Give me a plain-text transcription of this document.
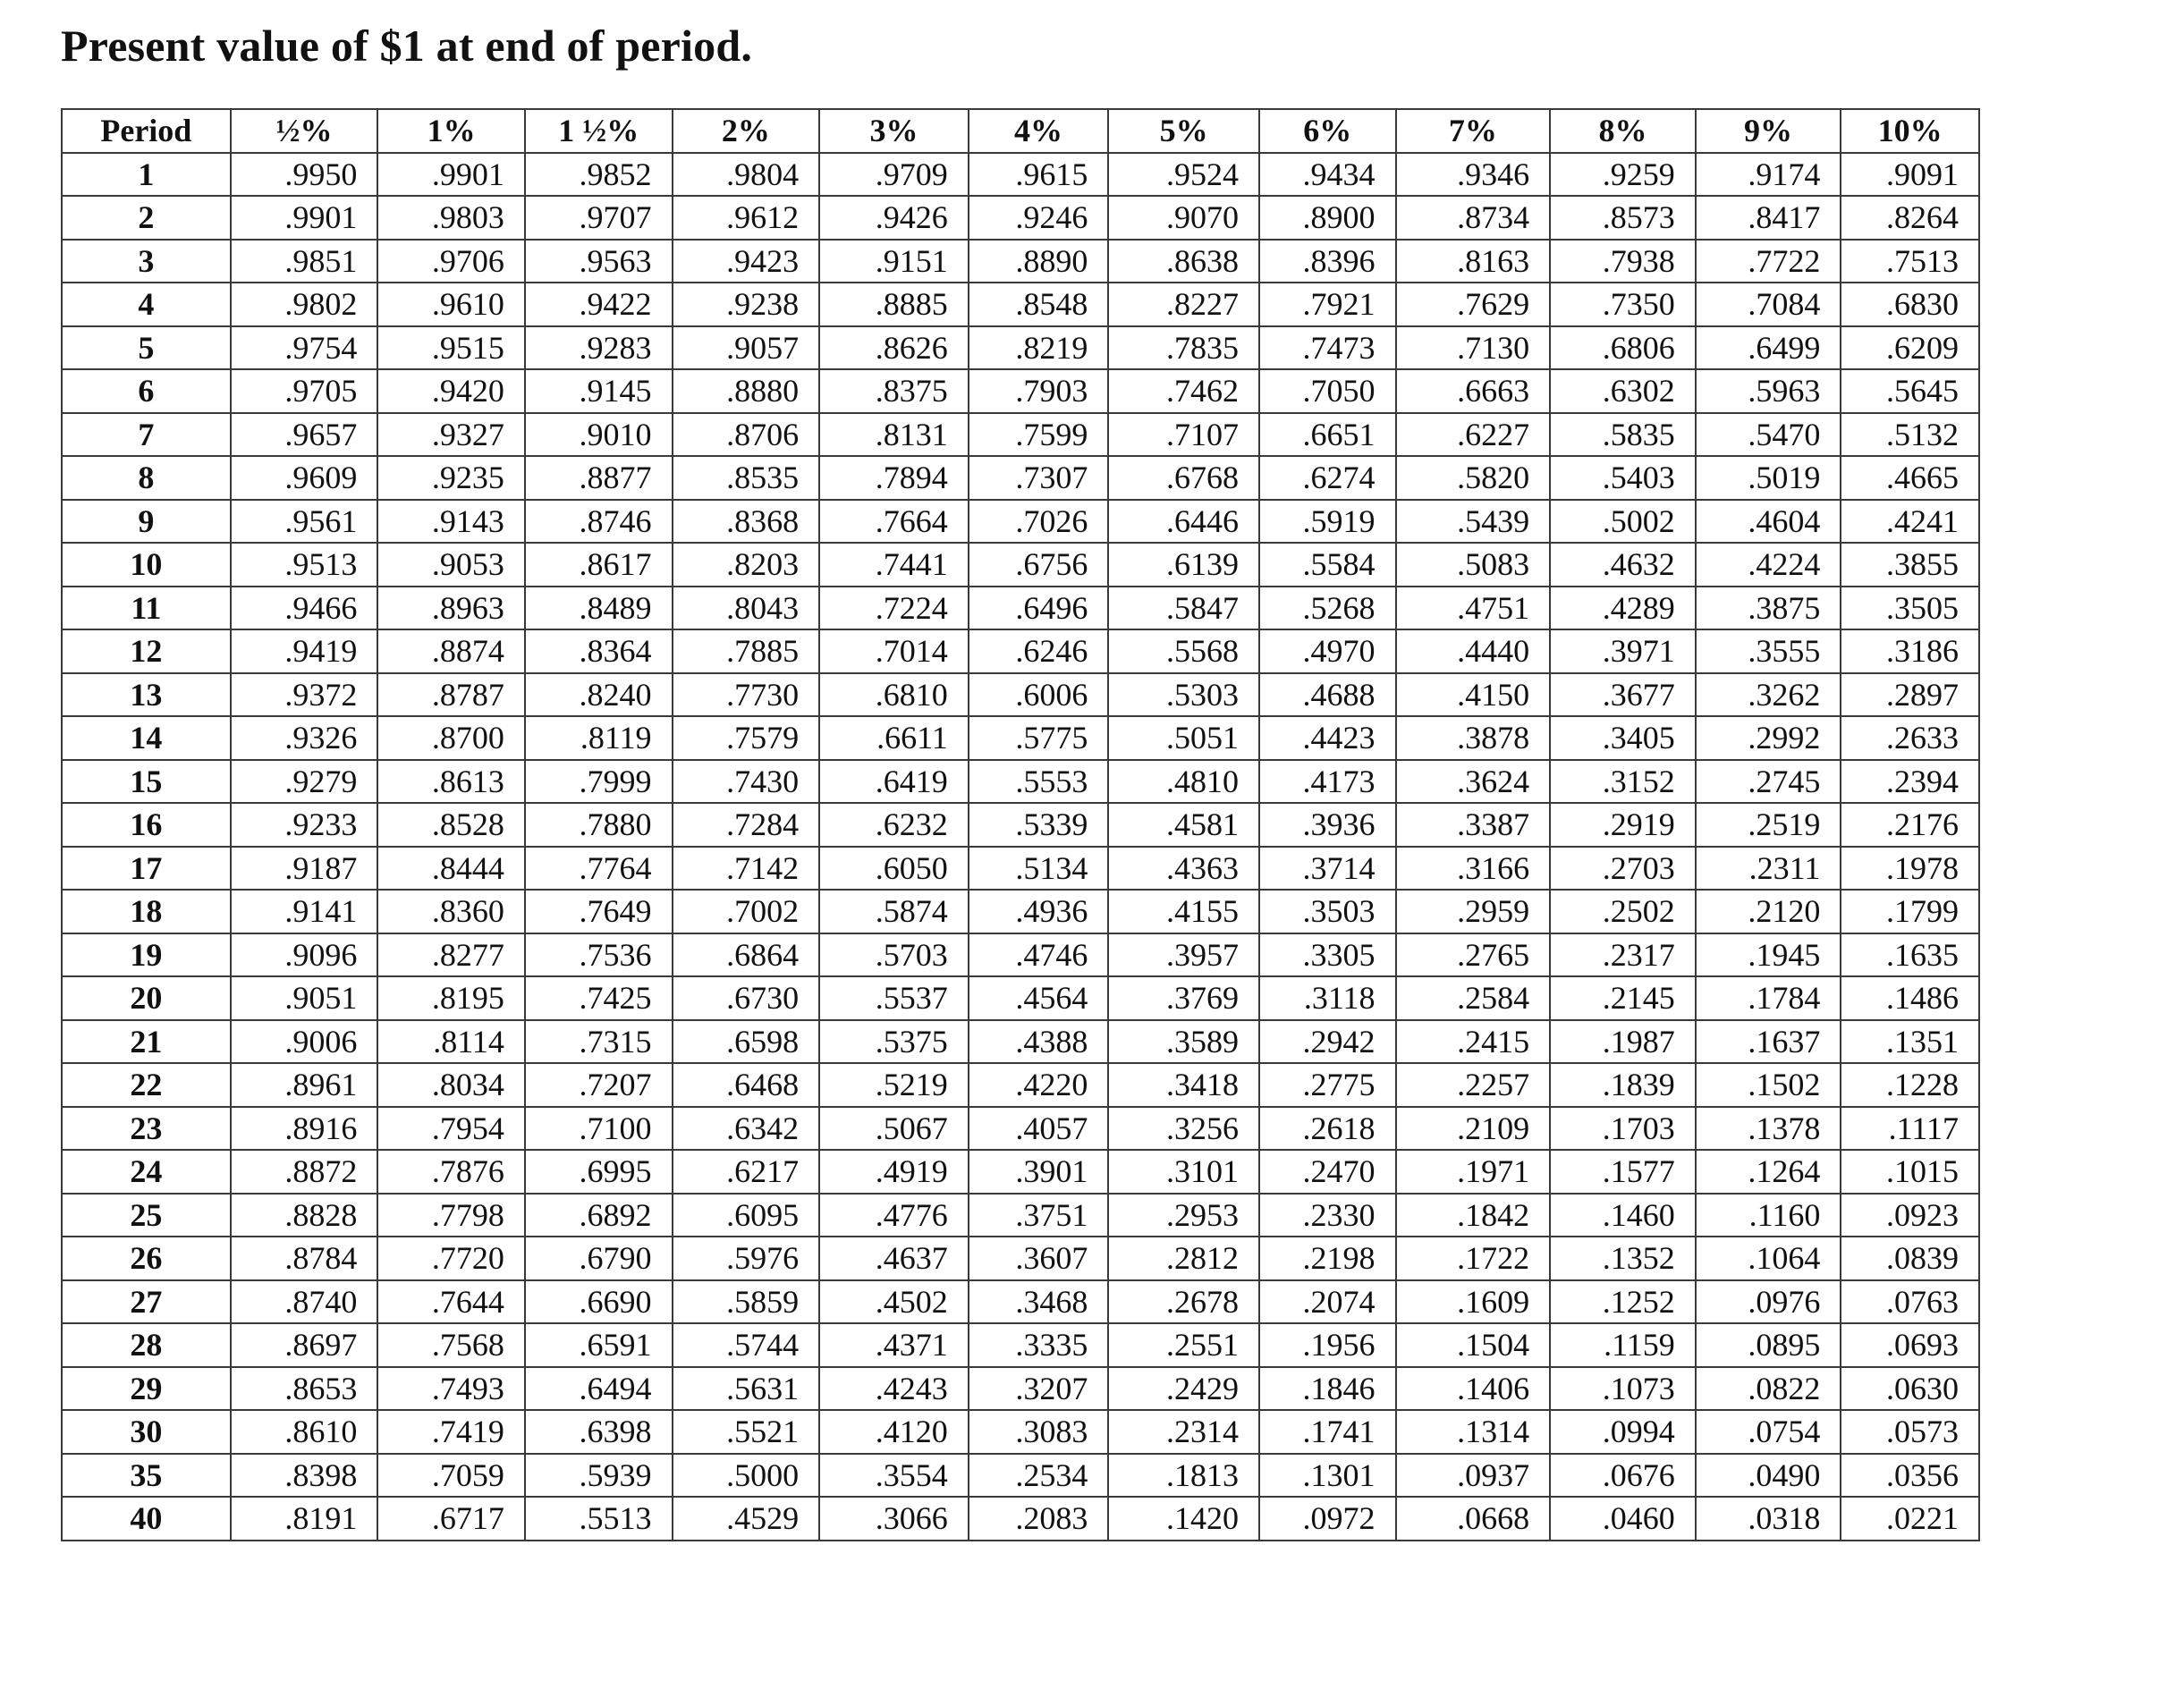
Present value of $1 at end of period.
Period	½%	1%	1 ½%	2%	3%	4%	5%	6%	7%	8%	9%	10%
1	.9950	.9901	.9852	.9804	.9709	.9615	.9524	.9434	.9346	.9259	.9174	.9091
2	.9901	.9803	.9707	.9612	.9426	.9246	.9070	.8900	.8734	.8573	.8417	.8264
3	.9851	.9706	.9563	.9423	.9151	.8890	.8638	.8396	.8163	.7938	.7722	.7513
4	.9802	.9610	.9422	.9238	.8885	.8548	.8227	.7921	.7629	.7350	.7084	.6830
5	.9754	.9515	.9283	.9057	.8626	.8219	.7835	.7473	.7130	.6806	.6499	.6209
6	.9705	.9420	.9145	.8880	.8375	.7903	.7462	.7050	.6663	.6302	.5963	.5645
7	.9657	.9327	.9010	.8706	.8131	.7599	.7107	.6651	.6227	.5835	.5470	.5132
8	.9609	.9235	.8877	.8535	.7894	.7307	.6768	.6274	.5820	.5403	.5019	.4665
9	.9561	.9143	.8746	.8368	.7664	.7026	.6446	.5919	.5439	.5002	.4604	.4241
10	.9513	.9053	.8617	.8203	.7441	.6756	.6139	.5584	.5083	.4632	.4224	.3855
11	.9466	.8963	.8489	.8043	.7224	.6496	.5847	.5268	.4751	.4289	.3875	.3505
12	.9419	.8874	.8364	.7885	.7014	.6246	.5568	.4970	.4440	.3971	.3555	.3186
13	.9372	.8787	.8240	.7730	.6810	.6006	.5303	.4688	.4150	.3677	.3262	.2897
14	.9326	.8700	.8119	.7579	.6611	.5775	.5051	.4423	.3878	.3405	.2992	.2633
15	.9279	.8613	.7999	.7430	.6419	.5553	.4810	.4173	.3624	.3152	.2745	.2394
16	.9233	.8528	.7880	.7284	.6232	.5339	.4581	.3936	.3387	.2919	.2519	.2176
17	.9187	.8444	.7764	.7142	.6050	.5134	.4363	.3714	.3166	.2703	.2311	.1978
18	.9141	.8360	.7649	.7002	.5874	.4936	.4155	.3503	.2959	.2502	.2120	.1799
19	.9096	.8277	.7536	.6864	.5703	.4746	.3957	.3305	.2765	.2317	.1945	.1635
20	.9051	.8195	.7425	.6730	.5537	.4564	.3769	.3118	.2584	.2145	.1784	.1486
21	.9006	.8114	.7315	.6598	.5375	.4388	.3589	.2942	.2415	.1987	.1637	.1351
22	.8961	.8034	.7207	.6468	.5219	.4220	.3418	.2775	.2257	.1839	.1502	.1228
23	.8916	.7954	.7100	.6342	.5067	.4057	.3256	.2618	.2109	.1703	.1378	.1117
24	.8872	.7876	.6995	.6217	.4919	.3901	.3101	.2470	.1971	.1577	.1264	.1015
25	.8828	.7798	.6892	.6095	.4776	.3751	.2953	.2330	.1842	.1460	.1160	.0923
26	.8784	.7720	.6790	.5976	.4637	.3607	.2812	.2198	.1722	.1352	.1064	.0839
27	.8740	.7644	.6690	.5859	.4502	.3468	.2678	.2074	.1609	.1252	.0976	.0763
28	.8697	.7568	.6591	.5744	.4371	.3335	.2551	.1956	.1504	.1159	.0895	.0693
29	.8653	.7493	.6494	.5631	.4243	.3207	.2429	.1846	.1406	.1073	.0822	.0630
30	.8610	.7419	.6398	.5521	.4120	.3083	.2314	.1741	.1314	.0994	.0754	.0573
35	.8398	.7059	.5939	.5000	.3554	.2534	.1813	.1301	.0937	.0676	.0490	.0356
40	.8191	.6717	.5513	.4529	.3066	.2083	.1420	.0972	.0668	.0460	.0318	.0221
